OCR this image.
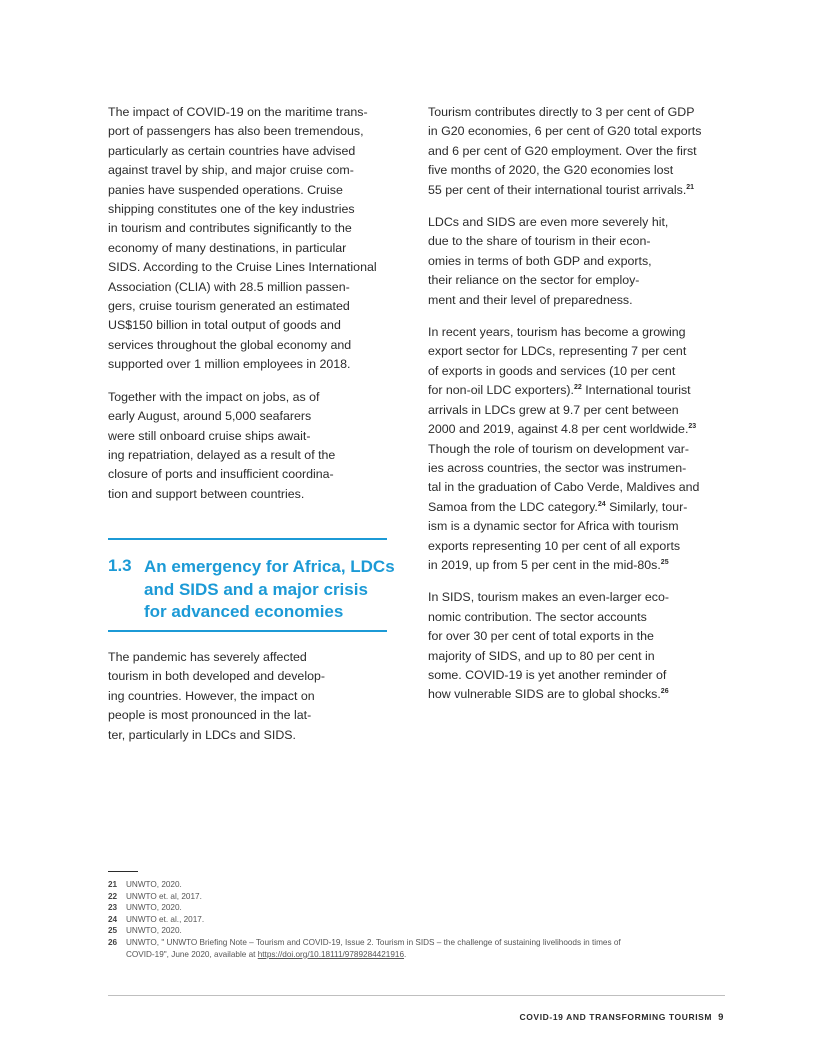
The impact of COVID-19 on the maritime trans-
port of passengers has also been tremendous,
particularly as certain countries have advised
against travel by ship, and major cruise com-
panies have suspended operations. Cruise
shipping constitutes one of the key industries
in tourism and contributes significantly to the
economy of many destinations, in particular
SIDS. According to the Cruise Lines International
Association (CLIA) with 28.5 million passen-
gers, cruise tourism generated an estimated
US$150 billion in total output of goods and
services throughout the global economy and
supported over 1 million employees in 2018.

Together with the impact on jobs, as of
early August, around 5,000 seafarers
were still onboard cruise ships await-
ing repatriation, delayed as a result of the
closure of ports and insufficient coordina-
tion and support between countries.

1.3 An emergency for Africa, LDCs
and SIDS and a major crisis
for advanced economies

The pandemic has severely affected
tourism in both developed and develop-
ing countries. However, the impact on
people is most pronounced in the lat-
ter, particularly in LDCs and SIDS.

Tourism contributes directly to 3 per cent of GDP
in G20 economies, 6 per cent of G20 total exports
and 6 per cent of G20 employment. Over the first
five months of 2020, the G20 economies lost
55 per cent of their international tourist arrivals.$^{21}$

LDCs and SIDS are even more severely hit,
due to the share of tourism in their econ-
omies in terms of both GDP and exports,
their reliance on the sector for employ-
ment and their level of preparedness.

In recent years, tourism has become a growing
export sector for LDCs, representing 7 per cent
of exports in goods and services (10 per cent
for non-oil LDC exporters).$^{22}$ International tourist
arrivals in LDCs grew at 9.7 per cent between
2000 and 2019, against 4.8 per cent worldwide.$^{23}$
Though the role of tourism on development var-
ies across countries, the sector was instrumen-
tal in the graduation of Cabo Verde, Maldives and
Samoa from the LDC category.$^{24}$ Similarly, tour-
ism is a dynamic sector for Africa with tourism
exports representing 10 per cent of all exports
in 2019, up from 5 per cent in the mid-80s.$^{25}$

In SIDS, tourism makes an even-larger eco-
nomic contribution. The sector accounts
for over 30 per cent of total exports in the
majority of SIDS, and up to 80 per cent in
some. COVID-19 is yet another reminder of
how vulnerable SIDS are to global shocks.$^{26}$

21 UNWTO, 2020.
22 UNWTO et. al, 2017.
23 UNWTO, 2020.
24 UNWTO et. al., 2017.
25 UNWTO, 2020.
26 UNWTO, " UNWTO Briefing Note – Tourism and COVID-19, Issue 2. Tourism in SIDS – the challenge of sustaining livelihoods in times of
COVID-19", June 2020, available at https://doi.org/10.18111/9789284421916.
COVID-19 AND TRANSFORMING TOURISM 9
